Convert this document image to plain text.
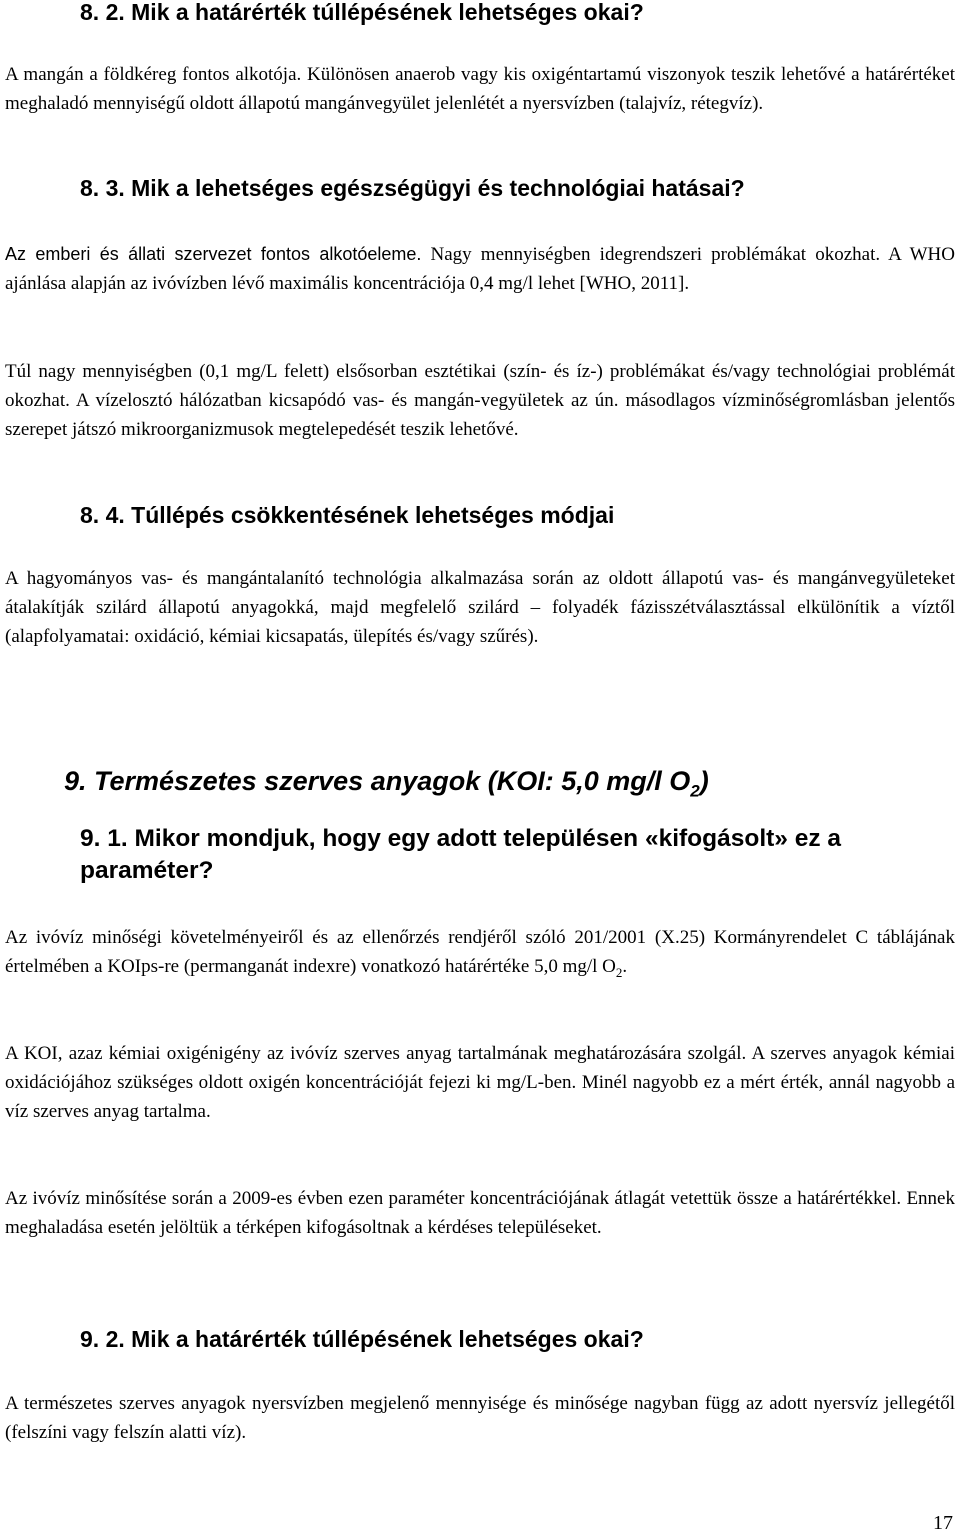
8. 2. Mik a határérték túllépésének lehetséges okai?

A mangán a földkéreg fontos alkotója. Különösen anaerob vagy kis oxigéntartamú viszonyok teszik lehetővé a határértéket meghaladó mennyiségű oldott állapotú mangánvegyület jelenlétét a nyersvízben (talajvíz, rétegvíz).

8. 3. Mik a lehetséges egészségügyi és technológiai hatásai?

Az emberi és állati szervezet fontos alkotóeleme. Nagy mennyiségben idegrendszeri problémákat okozhat. A WHO ajánlása alapján az ivóvízben lévő maximális koncentrációja 0,4 mg/l lehet [WHO, 2011].

Túl nagy mennyiségben (0,1 mg/L felett) elsősorban esztétikai (szín- és íz-) problémákat és/vagy technológiai problémát okozhat. A vízelosztó hálózatban kicsapódó vas- és mangán-vegyületek az ún. másodlagos vízminőségromlásban jelentős szerepet játszó mikroorganizmusok megtelepedését teszik lehetővé.

8. 4. Túllépés csökkentésének lehetséges módjai

A hagyományos vas- és mangántalanító technológia alkalmazása során az oldott állapotú vas- és mangánvegyületeket átalakítják szilárd állapotú anyagokká, majd megfelelő szilárd – folyadék fázisszétválasztással elkülönítik a víztől (alapfolyamatai: oxidáció, kémiai kicsapatás, ülepítés és/vagy szűrés).

9. Természetes szerves anyagok (KOI: 5,0 mg/l $O_2$)
9. 1. Mikor mondjuk, hogy egy adott településen «kifogásolt» ez a paraméter?

Az ivóvíz minőségi követelményeiről és az ellenőrzés rendjéről szóló 201/2001 (X.25) Kormányrendelet C táblájának értelmében a KOIps-re (permanganát indexre) vonatkozó határértéke 5,0 mg/l $O_2$.

A KOI, azaz kémiai oxigénigény az ivóvíz szerves anyag tartalmának meghatározására szolgál. A szerves anyagok kémiai oxidációjához szükséges oldott oxigén koncentrációját fejezi ki mg/L-ben. Minél nagyobb ez a mért érték, annál nagyobb a víz szerves anyag tartalma.

Az ivóvíz minősítése során a 2009-es évben ezen paraméter koncentrációjának átlagát vetettük össze a határértékkel. Ennek meghaladása esetén jelöltük a térképen kifogásoltnak a kérdéses településeket.

9. 2. Mik a határérték túllépésének lehetséges okai?

A természetes szerves anyagok nyersvízben megjelenő mennyisége és minősége nagyban függ az adott nyersvíz jellegétől (felszíni vagy felszín alatti víz).

17
